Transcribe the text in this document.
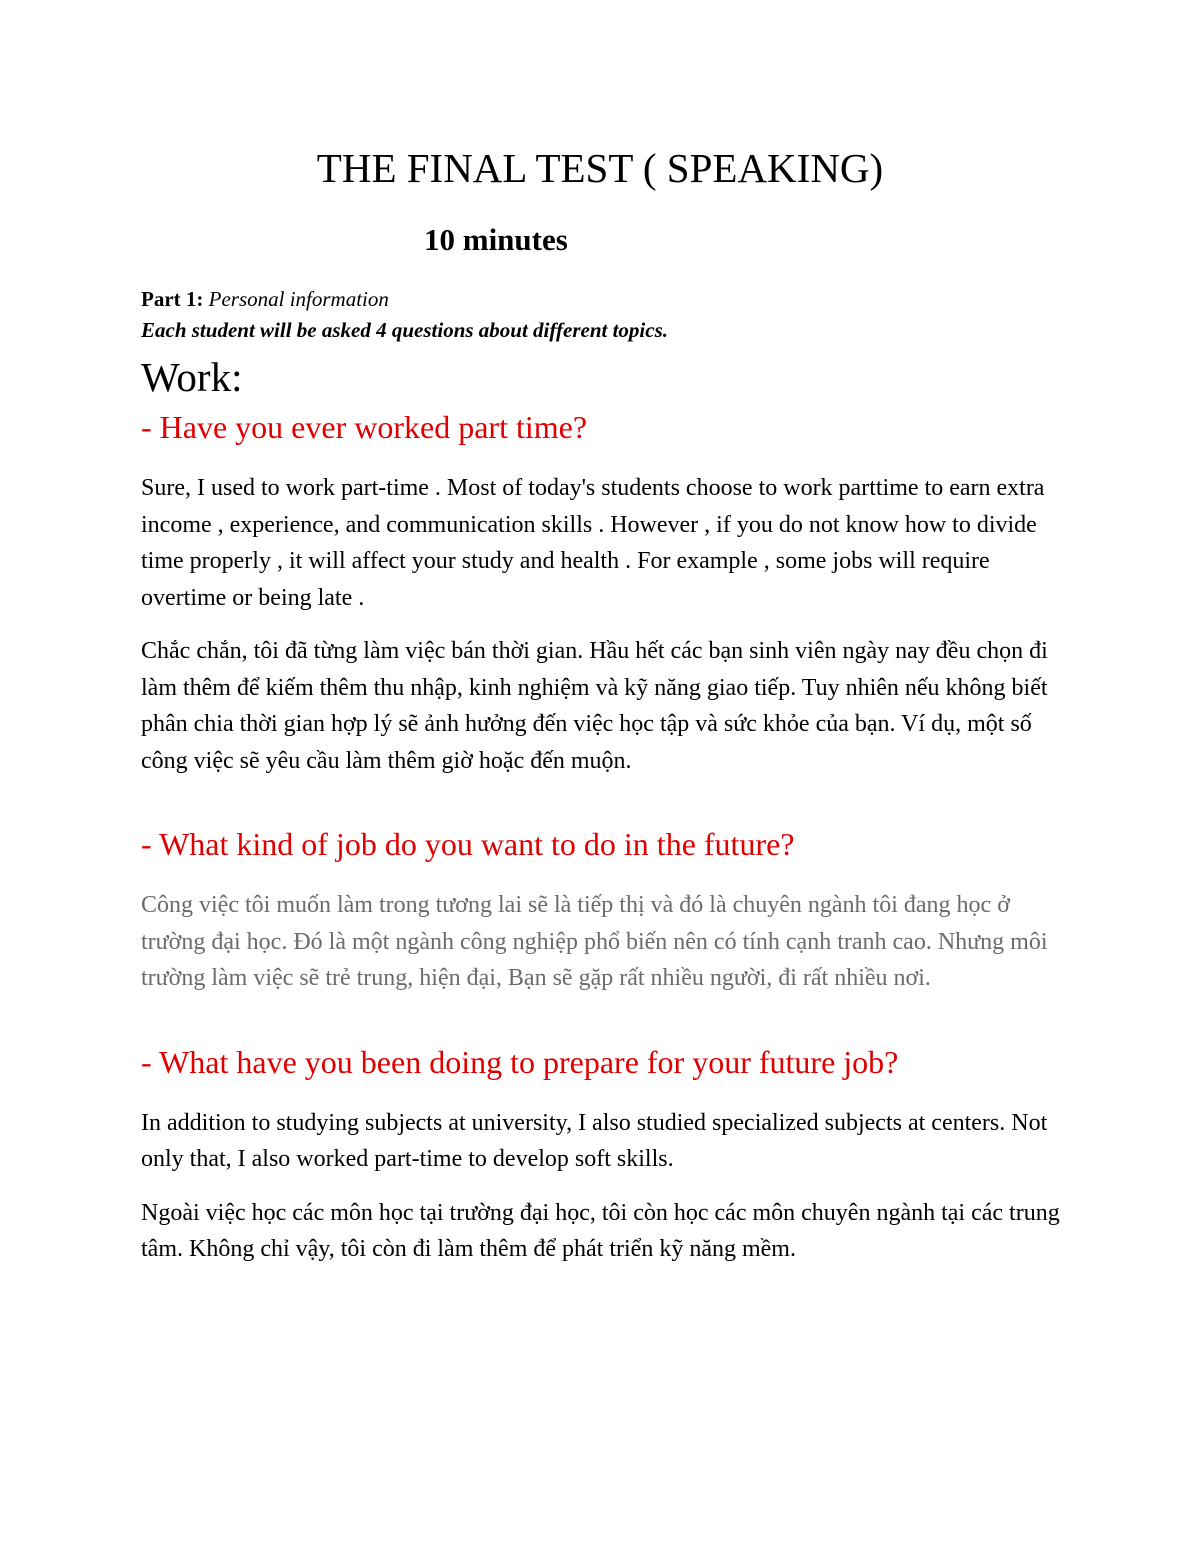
THE FINAL TEST ( SPEAKING)
10 minutes

Part 1: Personal information

Each student will be asked 4 questions about different topics.

Work:

- Have you ever worked part time?

Sure, I used to work part-time . Most of today's students choose to work parttime to earn extra income , experience, and communication skills . However , if you do not know how to divide time properly , it will affect your study and health . For example , some jobs will require overtime or being late .

Chắc chắn, tôi đã từng làm việc bán thời gian. Hầu hết các bạn sinh viên ngày nay đều chọn đi làm thêm để kiếm thêm thu nhập, kinh nghiệm và kỹ năng giao tiếp. Tuy nhiên nếu không biết phân chia thời gian hợp lý sẽ ảnh hưởng đến việc học tập và sức khỏe của bạn. Ví dụ, một số công việc sẽ yêu cầu làm thêm giờ hoặc đến muộn.

- What kind of job do you want to do in the future?

Công việc tôi muốn làm trong tương lai sẽ là tiếp thị và đó là chuyên ngành tôi đang học ở trường đại học. Đó là một ngành công nghiệp phổ biến nên có tính cạnh tranh cao. Nhưng môi trường làm việc sẽ trẻ trung, hiện đại, Bạn sẽ gặp rất nhiều người, đi rất nhiều nơi.

- What have you been doing to prepare for your future job?

In addition to studying subjects at university, I also studied specialized subjects at centers. Not only that, I also worked part-time to develop soft skills.

Ngoài việc học các môn học tại trường đại học, tôi còn học các môn chuyên ngành tại các trung tâm. Không chỉ vậy, tôi còn đi làm thêm để phát triển kỹ năng mềm.
